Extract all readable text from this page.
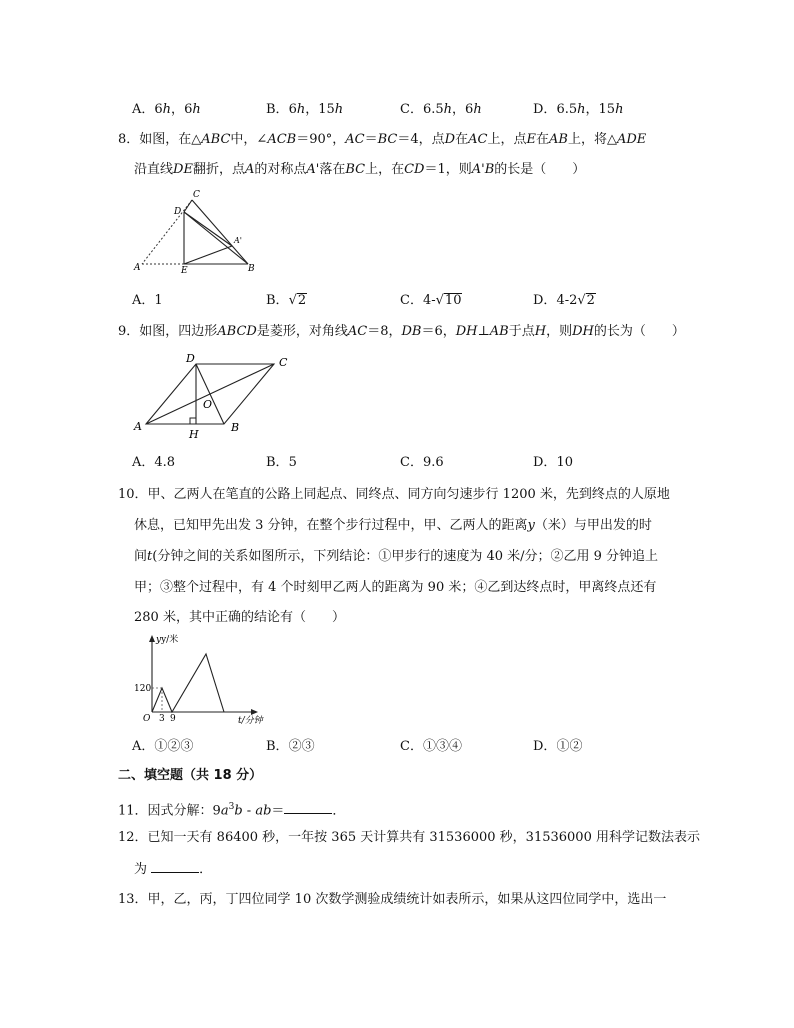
A．6h，6h	B．6h，15h	C．6.5h，6h	D．6.5h，15h
8．如图，在△ABC中，∠ACB＝90°，AC＝BC＝4，点D在AC上，点E在AB上，将△ADE
沿直线DE翻折，点A的对称点A'落在BC上，在CD＝1，则A'B的长是（　　）
C
D
A'
A	E	B
A．1	B．√2	C．4-√10	D．4-2√2
9．如图，四边形ABCD是菱形，对角线AC＝8，DB＝6，DH⊥AB于点H，则DH的长为（　　）
D	C
O
A
H
B
A．4.8	B．5	C．9.6	D．10
10．甲、乙两人在笔直的公路上同起点、同终点、同方向匀速步行 1200 米，先到终点的人原地
休息，已知甲先出发 3 分钟，在整个步行过程中，甲、乙两人的距离y（米）与甲出发的时
间t(分钟之间的关系如图所示，下列结论：①甲步行的速度为 40 米/分；②乙用 9 分钟追上
甲；③整个过程中，有 4 个时刻甲乙两人的距离为 90 米；④乙到达终点时，甲离终点还有
280 米，其中正确的结论有（　　）
yy/米
120
O 3 9	t/分钟
A．①②③	B．②③	C．①③④	D．①②
二、填空题（共 18 分）
11．因式分解：$9a^3b - ab=$	．
12．已知一天有 86400 秒，一年按 365 天计算共有 31536000 秒，31536000 用科学记数法表示
为	．
13．甲，乙，丙，丁四位同学 10 次数学测验成绩统计如表所示，如果从这四位同学中，选出一
